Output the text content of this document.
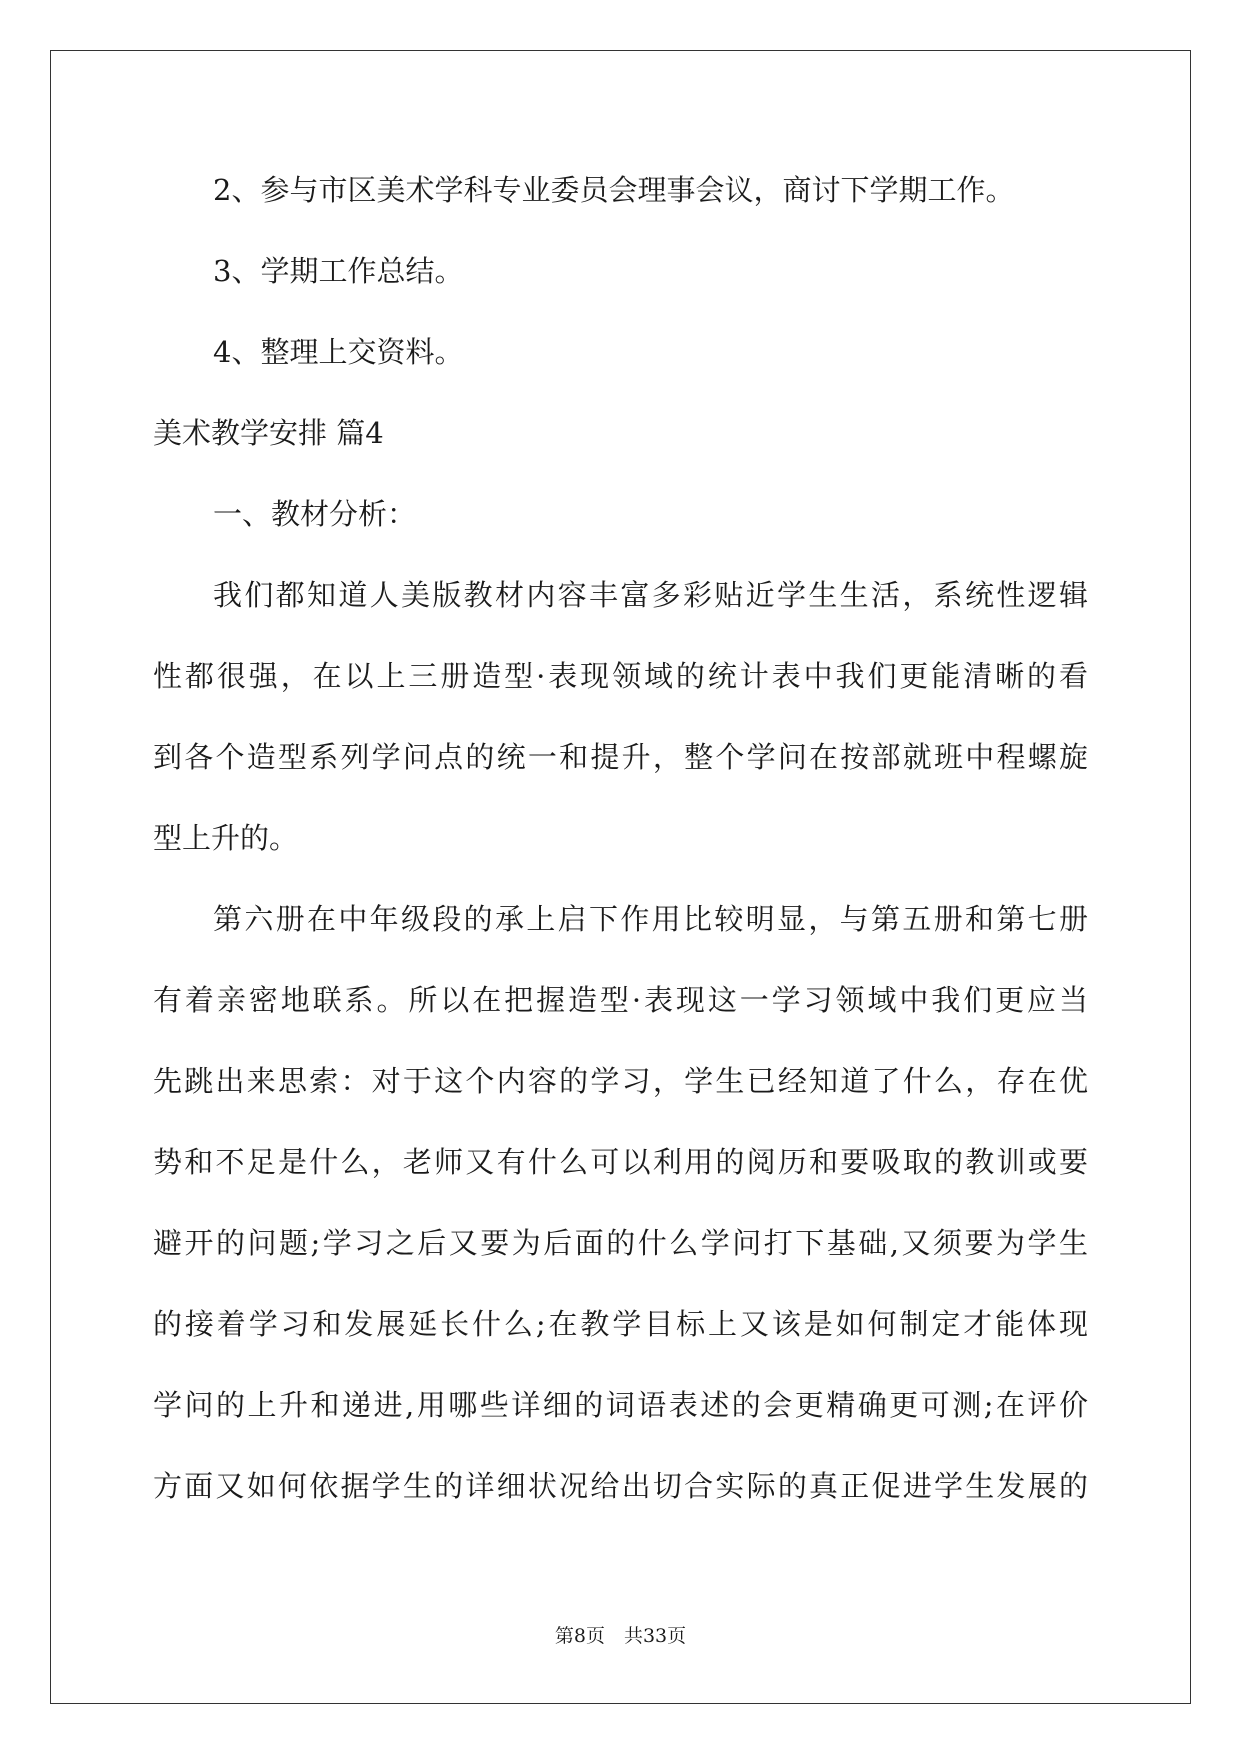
2、参与市区美术学科专业委员会理事会议，商讨下学期工作。
3、学期工作总结。
4、整理上交资料。
美术教学安排 篇4
一、教材分析：
我们都知道人美版教材内容丰富多彩贴近学生生活，系统性逻辑
性都很强，在以上三册造型·表现领域的统计表中我们更能清晰的看
到各个造型系列学问点的统一和提升，整个学问在按部就班中程螺旋
型上升的。
第六册在中年级段的承上启下作用比较明显，与第五册和第七册
有着亲密地联系。所以在把握造型·表现这一学习领域中我们更应当
先跳出来思索：对于这个内容的学习，学生已经知道了什么，存在优
势和不足是什么，老师又有什么可以利用的阅历和要吸取的教训或要
避开的问题;学习之后又要为后面的什么学问打下基础,又须要为学生
的接着学习和发展延长什么;在教学目标上又该是如何制定才能体现
学问的上升和递进,用哪些详细的词语表述的会更精确更可测;在评价
方面又如何依据学生的详细状况给出切合实际的真正促进学生发展的
第8页　共33页
